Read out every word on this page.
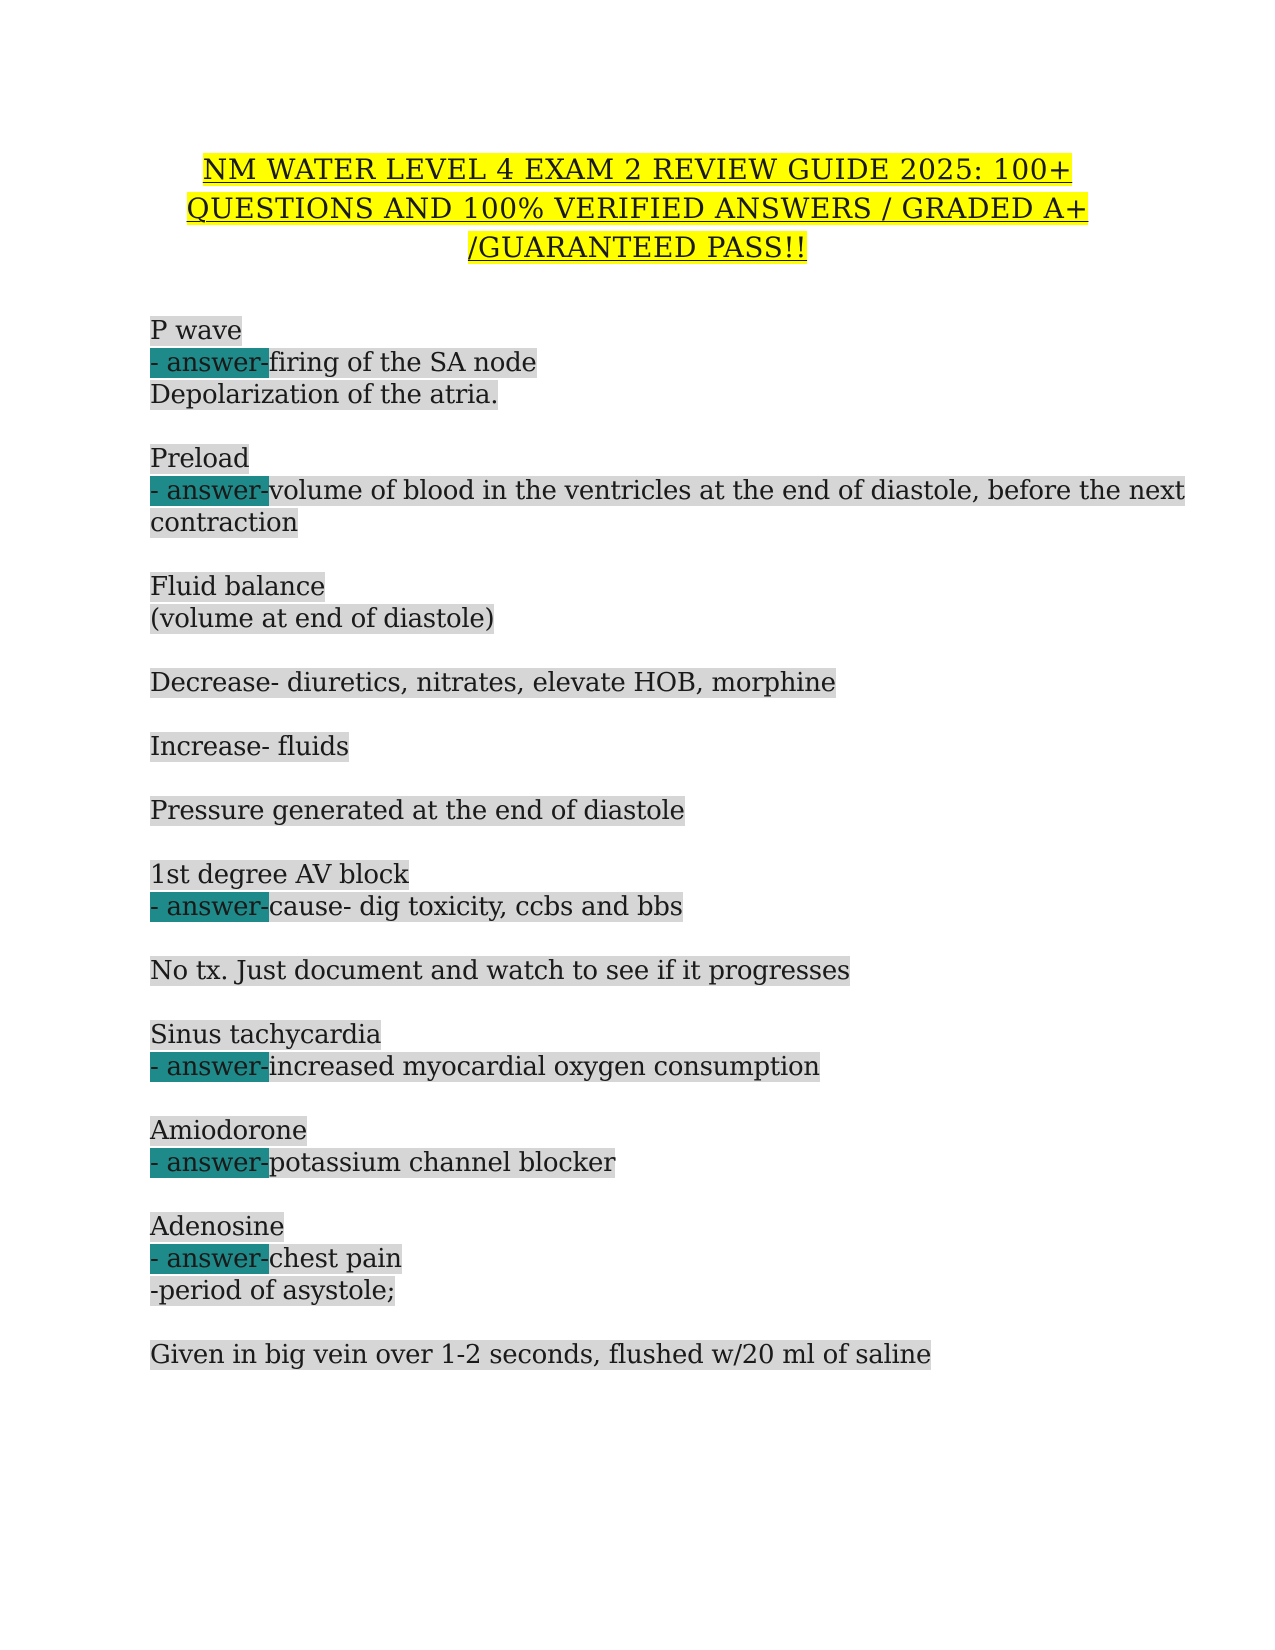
NM WATER LEVEL 4 EXAM 2 REVIEW GUIDE 2025: 100+
QUESTIONS AND 100% VERIFIED ANSWERS / GRADED A+
/GUARANTEED PASS!!
P wave
- answer-firing of the SA node
Depolarization of the atria.
Preload
- answer-volume of blood in the ventricles at the end of diastole, before the next
contraction
Fluid balance
(volume at end of diastole)
Decrease- diuretics, nitrates, elevate HOB, morphine
Increase- fluids
Pressure generated at the end of diastole
1st degree AV block
- answer-cause- dig toxicity, ccbs and bbs
No tx. Just document and watch to see if it progresses
Sinus tachycardia
- answer-increased myocardial oxygen consumption
Amiodorone
- answer-potassium channel blocker
Adenosine
- answer-chest pain
-period of asystole;
Given in big vein over 1-2 seconds, flushed w/20 ml of saline
